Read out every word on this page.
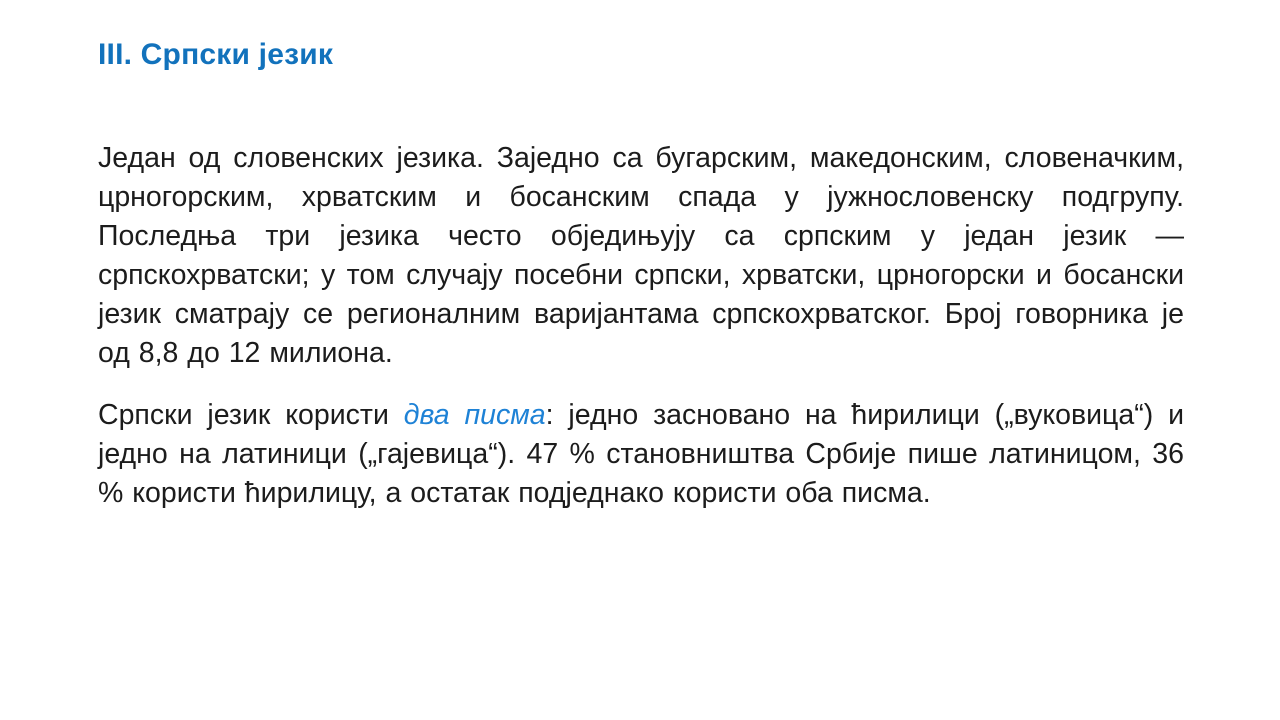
III. Српски језик

Један од словенских језика. Заједно са бугарским, македонским, словеначким, црногорским, хрватским и босанским спада у јужнословенску подгрупу. Последња три језика често обједињују са српским у један језик — српскохрватски; у том случају посебни српски, хрватски, црногорски и босански језик сматрају се регионалним варијантама српскохрватског. Број говорника је од 8,8 до 12 милиона.

Српски језик користи два писма: једно засновано на ћирилици („вуковица“) и једно на латиници („гајевица“). 47 % становништва Србије пише латиницом, 36 % користи ћирилицу, а остатак подједнако користи оба писма.
